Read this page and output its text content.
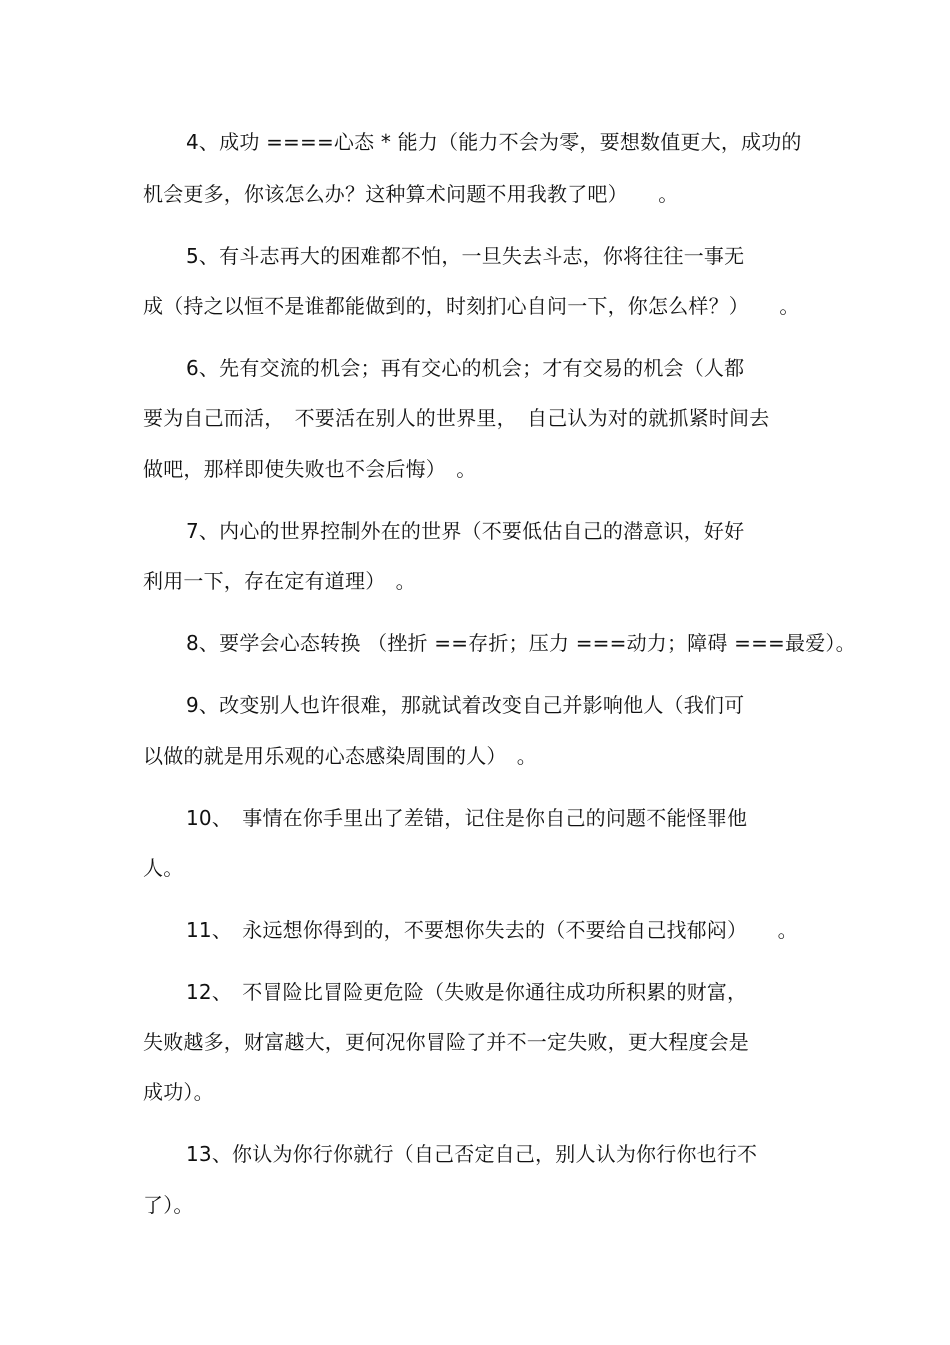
4、成功 ====心态 * 能力（能力不会为零，要想数值更大，成功的
机会更多，你该怎么办？这种算术问题不用我教了吧）　　。
5、有斗志再大的困难都不怕，一旦失去斗志，你将往往一事无
成（持之以恒不是谁都能做到的，时刻扪心自问一下，你怎么样？）　　。
6、先有交流的机会；再有交心的机会；才有交易的机会（人都
要为自己而活，　不要活在别人的世界里，　自己认为对的就抓紧时间去
做吧，那样即使失败也不会后悔）　。
7、内心的世界控制外在的世界（不要低估自己的潜意识，好好
利用一下，存在定有道理）　。
8、要学会心态转换 （挫折 ==存折；压力 ===动力；障碍 ===最爱）。
9、改变别人也许很难，那就试着改变自己并影响他人（我们可
以做的就是用乐观的心态感染周围的人）　。
10、　事情在你手里出了差错，记住是你自己的问题不能怪罪他
人。
11、　永远想你得到的，不要想你失去的（不要给自己找郁闷）　　。
12、　不冒险比冒险更危险（失败是你通往成功所积累的财富，
失败越多，财富越大，更何况你冒险了并不一定失败，更大程度会是
成功）。
13、你认为你行你就行（自己否定自己，别人认为你行你也行不
了）。
